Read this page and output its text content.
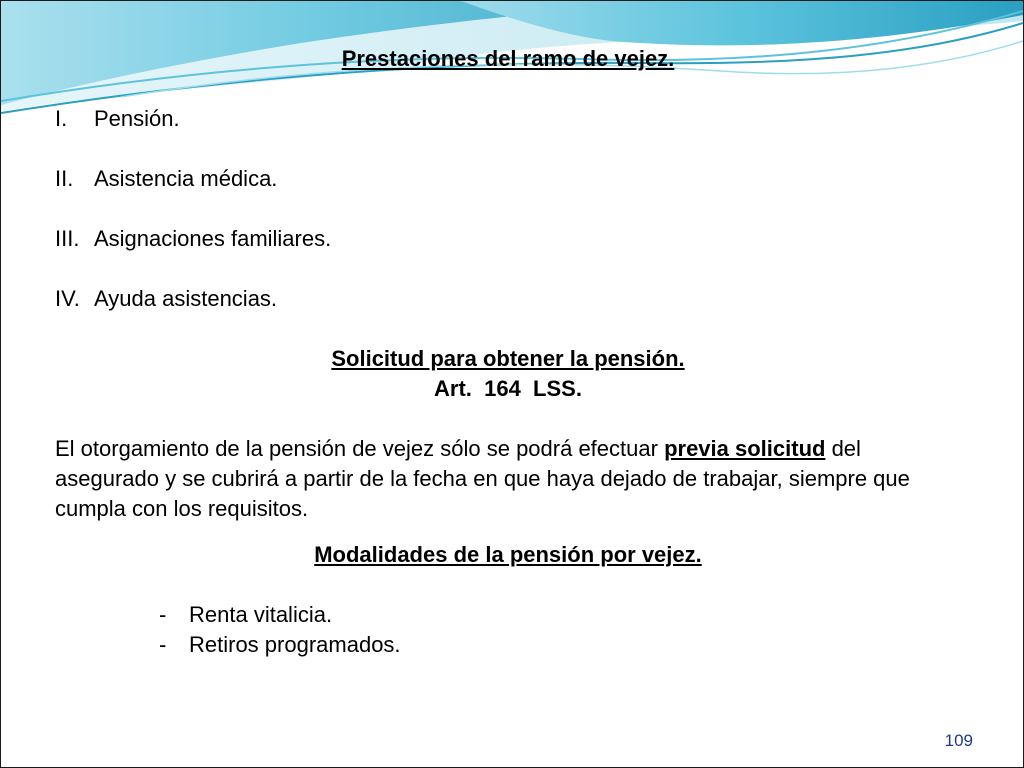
Prestaciones del ramo de vejez.
I.	Pensión.
II. Asistencia médica.
III. Asignaciones familiares.
IV. Ayuda asistencias.
Solicitud para obtener la pensión.
Art.  164  LSS.

El otorgamiento de la pensión de vejez sólo se podrá efectuar previa solicitud del asegurado y se cubrirá a partir de la fecha en que haya dejado de trabajar, siempre que cumpla con los requisitos.

Modalidades de la pensión por vejez.
-	Renta vitalicia.
-	Retiros programados.
109
